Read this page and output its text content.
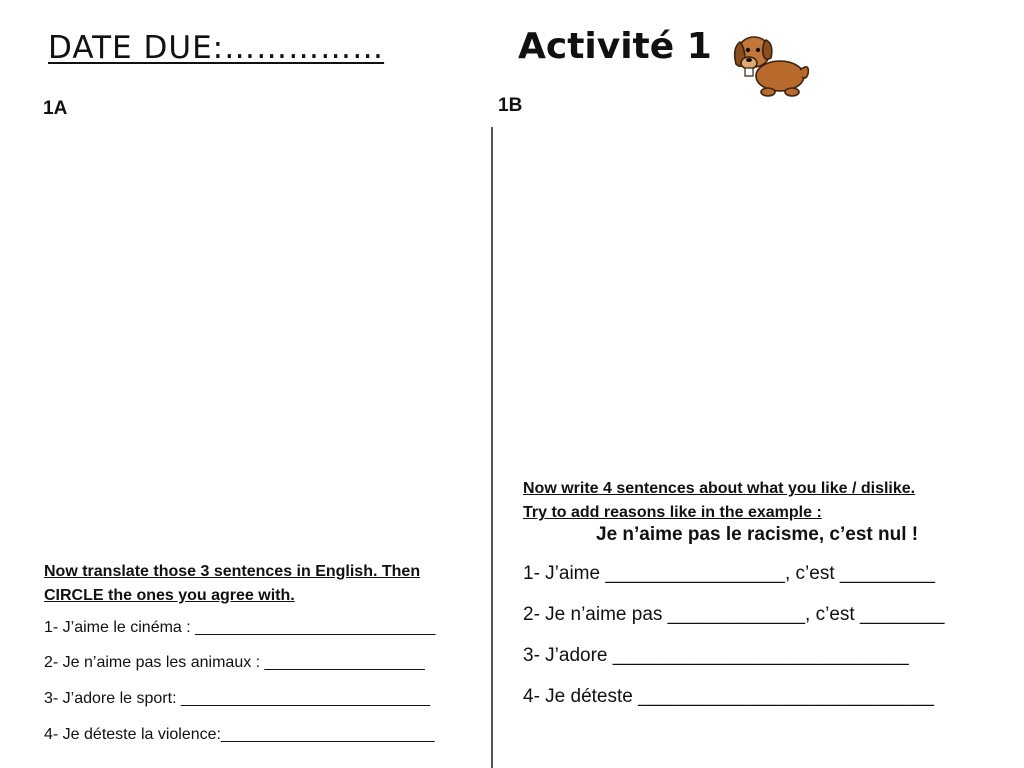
DATE DUE:……………	Activité 1
1A	1B
Now translate those 3 sentences in English. Then
CIRCLE the ones you agree with.
1- J’aime le cinéma : ___________________________
2- Je n’aime pas les animaux : __________________
3- J’adore le sport: ____________________________
4- Je déteste la violence:________________________
Now write 4 sentences about what you like / dislike.
Try to add reasons like in the example :
Je n’aime pas le racisme, c’est nul !
1- J’aime _________________, c’est _________
2- Je n’aime pas _____________, c’est ________
3- J’adore ____________________________
4- Je déteste ____________________________
